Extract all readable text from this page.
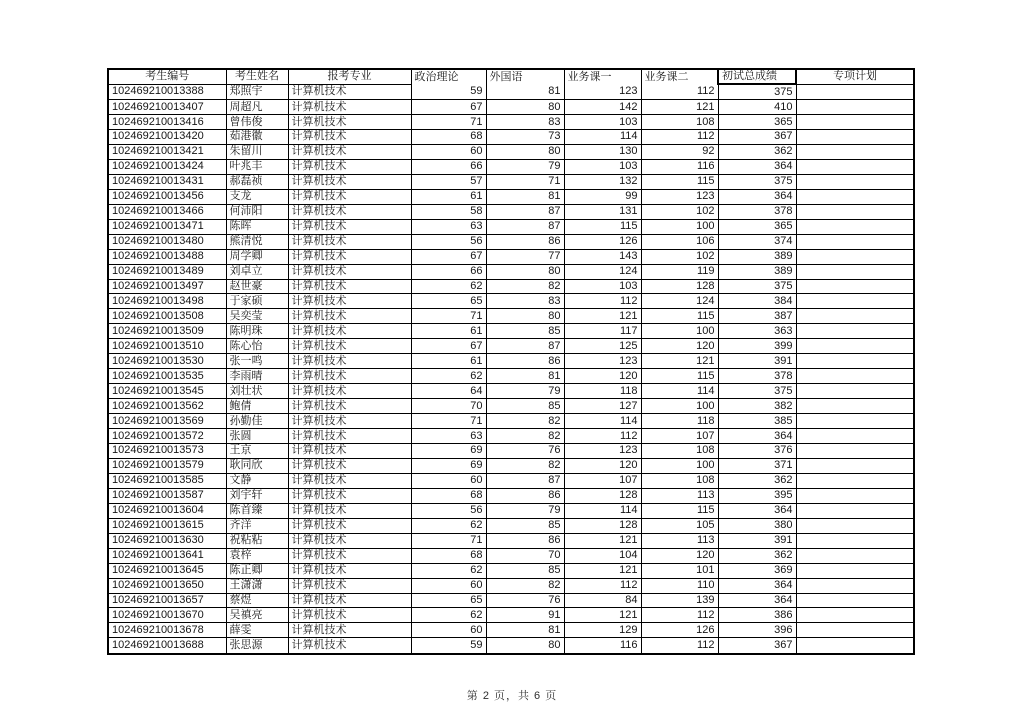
考生编号	考生姓名	报考专业	政治理论	外国语	业务课一	业务课二	初试总成绩	专项计划
102469210013388	郑照宇	计算机技术	59	81	123	112	375	
102469210013407	周超凡	计算机技术	67	80	142	121	410	
102469210013416	曾伟俊	计算机技术	71	83	103	108	365	
102469210013420	茹港徽	计算机技术	68	73	114	112	367	
102469210013421	朱留川	计算机技术	60	80	130	92	362	
102469210013424	叶兆丰	计算机技术	66	79	103	116	364	
102469210013431	郝磊祯	计算机技术	57	71	132	115	375	
102469210013456	支龙	计算机技术	61	81	99	123	364	
102469210013466	何沛阳	计算机技术	58	87	131	102	378	
102469210013471	陈晖	计算机技术	63	87	115	100	365	
102469210013480	熊清悦	计算机技术	56	86	126	106	374	
102469210013488	周学卿	计算机技术	67	77	143	102	389	
102469210013489	刘卓立	计算机技术	66	80	124	119	389	
102469210013497	赵世豪	计算机技术	62	82	103	128	375	
102469210013498	于家硕	计算机技术	65	83	112	124	384	
102469210013508	吴奕莹	计算机技术	71	80	121	115	387	
102469210013509	陈明珠	计算机技术	61	85	117	100	363	
102469210013510	陈心怡	计算机技术	67	87	125	120	399	
102469210013530	张一鸣	计算机技术	61	86	123	121	391	
102469210013535	李雨晴	计算机技术	62	81	120	115	378	
102469210013545	刘壮状	计算机技术	64	79	118	114	375	
102469210013562	鲍倩	计算机技术	70	85	127	100	382	
102469210013569	孙勤佳	计算机技术	71	82	114	118	385	
102469210013572	张圆	计算机技术	63	82	112	107	364	
102469210013573	王京	计算机技术	69	76	123	108	376	
102469210013579	耿同欣	计算机技术	69	82	120	100	371	
102469210013585	文静	计算机技术	60	87	107	108	362	
102469210013587	刘宇轩	计算机技术	68	86	128	113	395	
102469210013604	陈首臻	计算机技术	56	79	114	115	364	
102469210013615	齐洋	计算机技术	62	85	128	105	380	
102469210013630	祝粘粘	计算机技术	71	86	121	113	391	
102469210013641	袁梓	计算机技术	68	70	104	120	362	
102469210013645	陈正卿	计算机技术	62	85	121	101	369	
102469210013650	王潇潇	计算机技术	60	82	112	110	364	
102469210013657	蔡煜	计算机技术	65	76	84	139	364	
102469210013670	吴禛亮	计算机技术	62	91	121	112	386	
102469210013678	薛雯	计算机技术	60	81	129	126	396	
102469210013688	张思源	计算机技术	59	80	116	112	367	
第 2 页，共 6 页
